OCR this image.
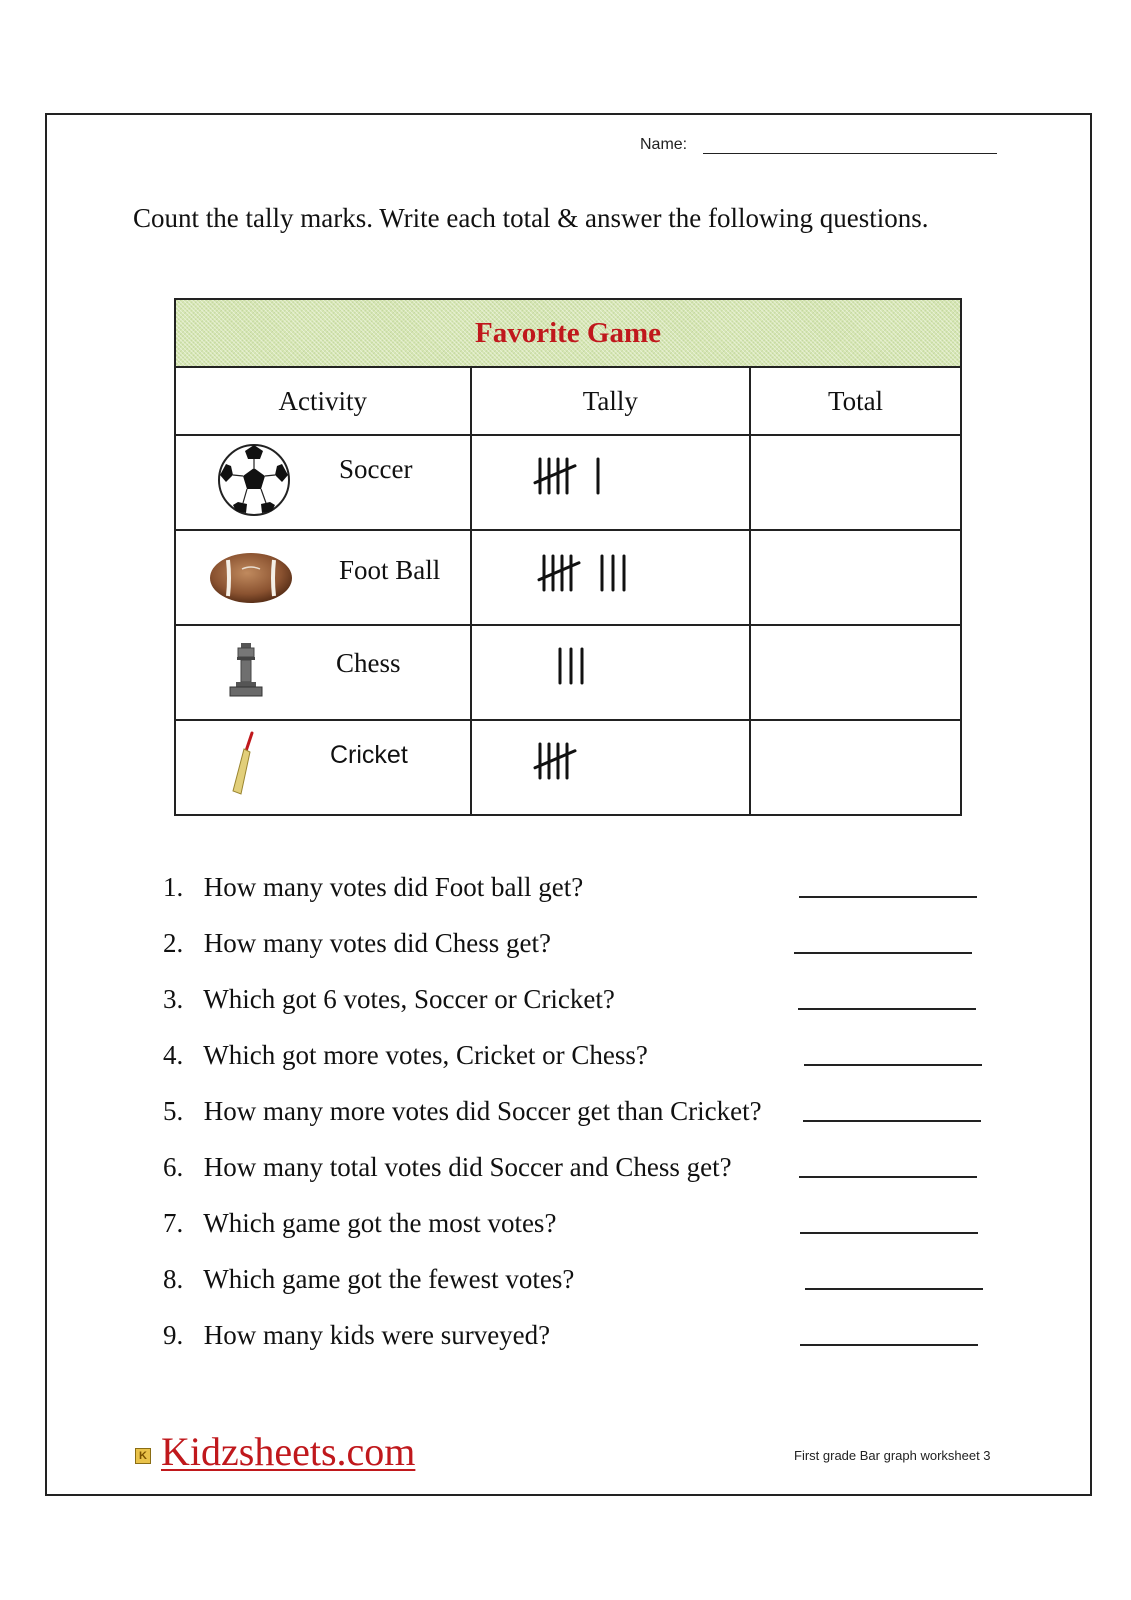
Name:
Count the tally marks. Write each total & answer the following questions.
Favorite Game		
Activity	Tally	Total

Soccer

Foot Ball

Chess

Cricket

1. How many votes did Foot ball get?
2. How many votes did Chess get?
3. Which got 6 votes, Soccer or Cricket?
4. Which got more votes, Cricket or Chess?
5. How many more votes did Soccer get than Cricket?
6. How many total votes did Soccer and Chess get?
7. Which game got the most votes?
8. Which game got the fewest votes?
9. How many kids were surveyed?
K Kidzsheets.com	First grade Bar graph worksheet 3
